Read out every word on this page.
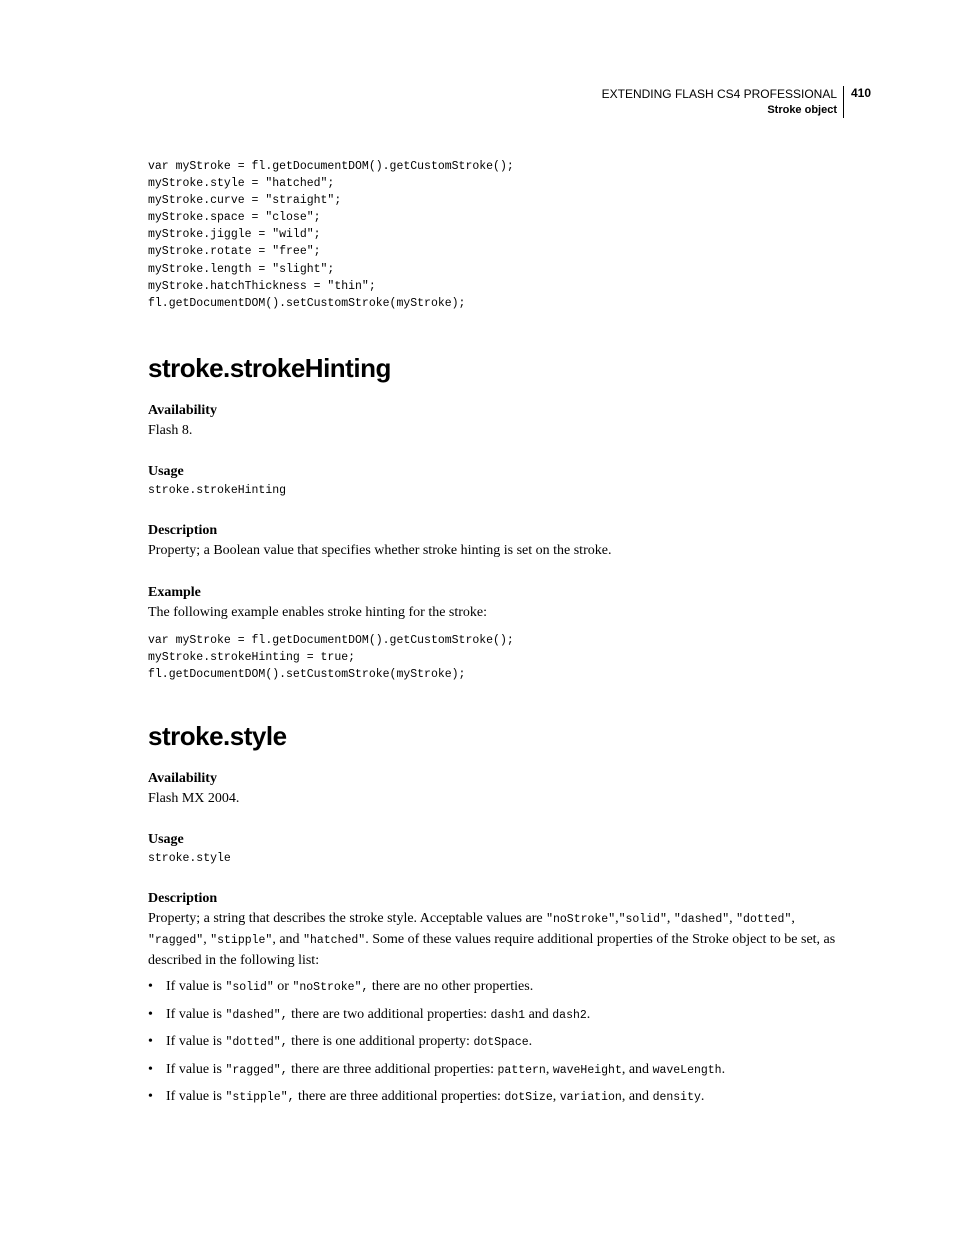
EXTENDING FLASH CS4 PROFESSIONAL
Stroke object
410
var myStroke = fl.getDocumentDOM().getCustomStroke();
myStroke.style = "hatched";
myStroke.curve = "straight";
myStroke.space = "close";
myStroke.jiggle = "wild";
myStroke.rotate = "free";
myStroke.length = "slight";
myStroke.hatchThickness = "thin";
fl.getDocumentDOM().setCustomStroke(myStroke);
stroke.strokeHinting
Availability

Flash 8.

Usage
stroke.strokeHinting
Description

Property; a Boolean value that specifies whether stroke hinting is set on the stroke.

Example

The following example enables stroke hinting for the stroke:

var myStroke = fl.getDocumentDOM().getCustomStroke();
myStroke.strokeHinting = true;
fl.getDocumentDOM().setCustomStroke(myStroke);
stroke.style
Availability

Flash MX 2004.

Usage
stroke.style
Description

Property; a string that describes the stroke style. Acceptable values are "noStroke","solid", "dashed", "dotted", "ragged", "stipple", and "hatched". Some of these values require additional properties of the Stroke object to be set, as described in the following list:

• If value is "solid" or "noStroke", there are no other properties.
• If value is "dashed", there are two additional properties: dash1 and dash2.
• If value is "dotted", there is one additional property: dotSpace.
• If value is "ragged", there are three additional properties: pattern, waveHeight, and waveLength.
• If value is "stipple", there are three additional properties: dotSize, variation, and density.
